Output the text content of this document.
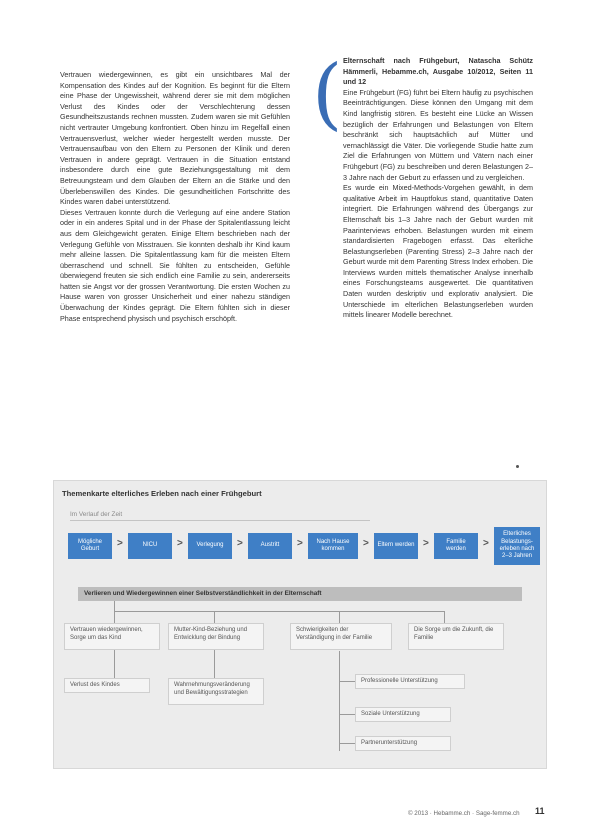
Vertrauen wiedergewinnen, es gibt ein unsichtbares Mal der Kompensation des Kindes auf der Kognition. Es beginnt für die Eltern eine Phase der Ungewissheit, während derer sie mit dem möglichen Verlust des Kindes oder der Verschlechterung dessen Gesundheitszustands rechnen mussten. Zudem waren sie mit Gefühlen nicht vertrauter Umgebung konfrontiert. Oben hinzu im Regelfall einen Vertrauensverlust, welcher wieder hergestellt werden musste. Der Vertrauensaufbau von den Eltern zu Personen der Klinik und deren Vertrauen in andere geprägt. Vertrauen in die Situation entstand insbesondere durch eine gute Beziehungsgestaltung mit dem Betreuungsteam und dem Glauben der Eltern an die Stärke und den Überlebenswillen des Kindes. Die gesundheitlichen Fortschritte des Kindes waren dabei unterstützend.

Dieses Vertrauen konnte durch die Verlegung auf eine andere Station oder in ein anderes Spital und in der Phase der Spitalentlassung leicht aus dem Gleichgewicht geraten. Einige Eltern beschrieben nach der Verlegung Gefühle von Misstrauen. Sie konnten deshalb ihr Kind kaum mehr alleine lassen. Die Spitalentlassung kam für die meisten Eltern überraschend und schnell. Sie fühlten zu entscheiden, Gefühle überwiegend freuten sie sich endlich eine Familie zu sein, andererseits hatten sie Angst vor der grossen Verantwortung. Die ersten Wochen zu Hause waren von grosser Unsicherheit und einer nahezu ständigen Überwachung der Kindes geprägt. Die Eltern fühlten sich in dieser Phase entsprechend physisch und psychisch erschöpft.

( Elternschaft nach Frühgeburt, Natascha Schütz Hämmerli, Hebamme.ch, Ausgabe 10/2012, Seiten 11 und 12

Eine Frühgeburt (FG) führt bei Eltern häufig zu psychischen Beeinträchtigungen. Diese können den Umgang mit dem Kind langfristig stören. Es besteht eine Lücke an Wissen bezüglich der Erfahrungen und Belastungen von Eltern beschränkt sich hauptsächlich auf Mütter und vernachlässigt die Väter. Die vorliegende Studie hatte zum Ziel die Erfahrungen von Müttern und Vätern nach einer Frühgeburt (FG) zu beschreiben und deren Belastungen 2–3 Jahre nach der Geburt zu erfassen und zu vergleichen.

Es wurde ein Mixed-Methods-Vorgehen gewählt, in dem qualitative Arbeit im Hauptfokus stand, quantitative Daten integriert. Die Erfahrungen während des Übergangs zur Elternschaft bis 1–3 Jahre nach der Geburt wurden mit Paarinterviews erhoben. Belastungen wurden mit einem standardisierten Fragebogen erfasst. Das elterliche Belastungserleben (Parenting Stress) 2–3 Jahre nach der Geburt wurde mit dem Parenting Stress Index erhoben. Die Interviews wurden mittels thematischer Analyse innerhalb eines Forschungsteams ausgewertet. Die quantitativen Daten wurden deskriptiv und explorativ analysiert. Die Unterschiede im elterlichen Belastungserleben wurden mittels linearer Modelle berechnet.

Themenkarte elterliches Erleben nach einer Frühgeburt
Im Verlauf der Zeit
Mögliche Geburt	>	NICU	>	Verlegung	>	Austritt	>	Nach Hause kommen	>	Eltern werden >	Familie werden	>
Elterliches Belastungs-erleben nach 2–3 Jahren
Verlieren und Wiedergewinnen einer Selbstverständlichkeit in der Elternschaft
Vertrauen wiedergewinnen, Sorge um das Kind
Mutter-Kind-Beziehung und Entwicklung der Bindung
Schwierigkeiten der Verständigung in der Familie
Die Sorge um die Zukunft, die Familie
Verlust des Kindes	Wahrnehmungsveränderung und Bewältigungsstrategien
Professionelle Unterstützung
Soziale Unterstützung
Partnerunterstützung
© 2013 · Hebamme.ch · Sage-femme.ch 11
